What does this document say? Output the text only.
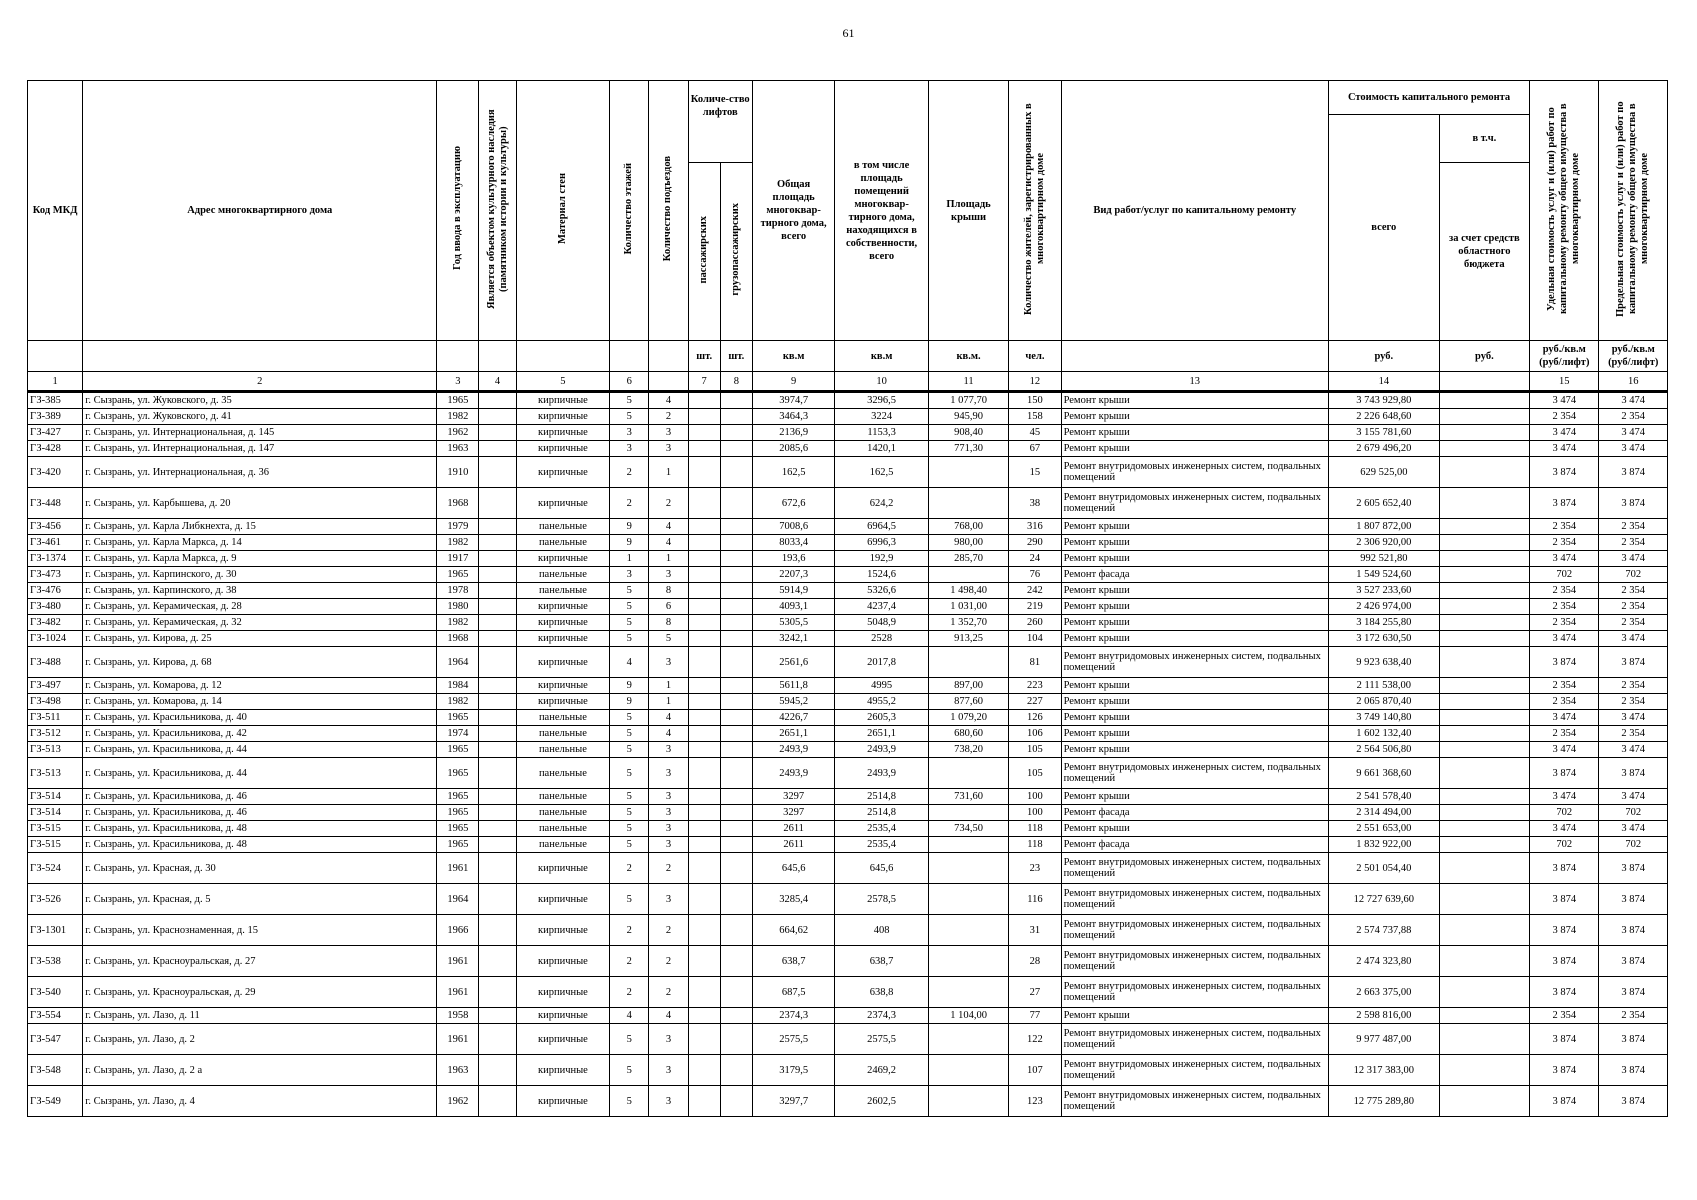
61
Код МКД	Адрес многоквартирного дома	Год ввода в эксплуатацию	Является объектом культурного наследия (памятником истории и культуры)	Материал стен	Количество этажей	Количество подъездов	Количе-ство лифтов		Общая площадь многоквар-тирного дома, всего	в том числе площадь помещений многоквар-тирного дома, находящихся в собственности, всего	Площадь крыши	Количество жителей, зарегистрированных в многоквартирном доме	Вид работ/услуг по капитальному ремонту	Стоимость капитального ремонта		Удельная стоимость услуг и (или) работ по капитальному ремонту общего имущества в многоквартирном доме	Предельная стоимость услуг и (или) работ по капитальному ремонту общего имущества в многоквартирном доме
														всего	в т.ч.		
							пассажирских	грузопассажирских							за счет средств областного бюджета		
							шт.	шт.	кв.м	кв.м	кв.м.	чел.		руб.	руб.	руб./кв.м (руб/лифт)	руб./кв.м (руб/лифт)
1	2	3	4	5	6		7	8	9	10	11	12	13	14		15	16
ГЗ-385	г. Сызрань, ул. Жуковского, д. 35	1965		кирпичные	5	4			3974,7	3296,5	1 077,70	150	Ремонт крыши	3 743 929,80		3 474	3 474
ГЗ-389	г. Сызрань, ул. Жуковского, д. 41	1982		кирпичные	5	2			3464,3	3224	945,90	158	Ремонт крыши	2 226 648,60		2 354	2 354
ГЗ-427	г. Сызрань, ул. Интернациональная, д. 145	1962		кирпичные	3	3			2136,9	1153,3	908,40	45	Ремонт крыши	3 155 781,60		3 474	3 474
ГЗ-428	г. Сызрань, ул. Интернациональная, д. 147	1963		кирпичные	3	3			2085,6	1420,1	771,30	67	Ремонт крыши	2 679 496,20		3 474	3 474
ГЗ-420	г. Сызрань, ул. Интернациональная, д. 36	1910		кирпичные	2	1			162,5	162,5		15	Ремонт внутридомовых инженерных систем, подвальных помещений	629 525,00		3 874	3 874
ГЗ-448	г. Сызрань, ул. Карбышева, д. 20	1968		кирпичные	2	2			672,6	624,2		38	Ремонт внутридомовых инженерных систем, подвальных помещений	2 605 652,40		3 874	3 874
ГЗ-456	г. Сызрань, ул. Карла Либкнехта, д. 15	1979		панельные	9	4			7008,6	6964,5	768,00	316	Ремонт крыши	1 807 872,00		2 354	2 354
ГЗ-461	г. Сызрань, ул. Карла Маркса, д. 14	1982		панельные	9	4			8033,4	6996,3	980,00	290	Ремонт крыши	2 306 920,00		2 354	2 354
ГЗ-1374	г. Сызрань, ул. Карла Маркса, д. 9	1917		кирпичные	1	1			193,6	192,9	285,70	24	Ремонт крыши	992 521,80		3 474	3 474
ГЗ-473	г. Сызрань, ул. Карпинского, д. 30	1965		панельные	3	3			2207,3	1524,6		76	Ремонт фасада	1 549 524,60		702	702
ГЗ-476	г. Сызрань, ул. Карпинского, д. 38	1978		панельные	5	8			5914,9	5326,6	1 498,40	242	Ремонт крыши	3 527 233,60		2 354	2 354
ГЗ-480	г. Сызрань, ул. Керамическая, д. 28	1980		кирпичные	5	6			4093,1	4237,4	1 031,00	219	Ремонт крыши	2 426 974,00		2 354	2 354
ГЗ-482	г. Сызрань, ул. Керамическая, д. 32	1982		кирпичные	5	8			5305,5	5048,9	1 352,70	260	Ремонт крыши	3 184 255,80		2 354	2 354
ГЗ-1024	г. Сызрань, ул. Кирова, д. 25	1968		кирпичные	5	5			3242,1	2528	913,25	104	Ремонт крыши	3 172 630,50		3 474	3 474
ГЗ-488	г. Сызрань, ул. Кирова, д. 68	1964		кирпичные	4	3			2561,6	2017,8		81	Ремонт внутридомовых инженерных систем, подвальных помещений	9 923 638,40		3 874	3 874
ГЗ-497	г. Сызрань, ул. Комарова, д. 12	1984		кирпичные	9	1			5611,8	4995	897,00	223	Ремонт крыши	2 111 538,00		2 354	2 354
ГЗ-498	г. Сызрань, ул. Комарова, д. 14	1982		кирпичные	9	1			5945,2	4955,2	877,60	227	Ремонт крыши	2 065 870,40		2 354	2 354
ГЗ-511	г. Сызрань, ул. Красильникова, д. 40	1965		панельные	5	4			4226,7	2605,3	1 079,20	126	Ремонт крыши	3 749 140,80		3 474	3 474
ГЗ-512	г. Сызрань, ул. Красильникова, д. 42	1974		панельные	5	4			2651,1	2651,1	680,60	106	Ремонт крыши	1 602 132,40		2 354	2 354
ГЗ-513	г. Сызрань, ул. Красильникова, д. 44	1965		панельные	5	3			2493,9	2493,9	738,20	105	Ремонт крыши	2 564 506,80		3 474	3 474
ГЗ-513	г. Сызрань, ул. Красильникова, д. 44	1965		панельные	5	3			2493,9	2493,9		105	Ремонт внутридомовых инженерных систем, подвальных помещений	9 661 368,60		3 874	3 874
ГЗ-514	г. Сызрань, ул. Красильникова, д. 46	1965		панельные	5	3			3297	2514,8	731,60	100	Ремонт крыши	2 541 578,40		3 474	3 474
ГЗ-514	г. Сызрань, ул. Красильникова, д. 46	1965		панельные	5	3			3297	2514,8		100	Ремонт фасада	2 314 494,00		702	702
ГЗ-515	г. Сызрань, ул. Красильникова, д. 48	1965		панельные	5	3			2611	2535,4	734,50	118	Ремонт крыши	2 551 653,00		3 474	3 474
ГЗ-515	г. Сызрань, ул. Красильникова, д. 48	1965		панельные	5	3			2611	2535,4		118	Ремонт фасада	1 832 922,00		702	702
ГЗ-524	г. Сызрань, ул. Красная, д. 30	1961		кирпичные	2	2			645,6	645,6		23	Ремонт внутридомовых инженерных систем, подвальных помещений	2 501 054,40		3 874	3 874
ГЗ-526	г. Сызрань, ул. Красная, д. 5	1964		кирпичные	5	3			3285,4	2578,5		116	Ремонт внутридомовых инженерных систем, подвальных помещений	12 727 639,60		3 874	3 874
ГЗ-1301	г. Сызрань, ул. Краснознаменная, д. 15	1966		кирпичные	2	2			664,62	408		31	Ремонт внутридомовых инженерных систем, подвальных помещений	2 574 737,88		3 874	3 874
ГЗ-538	г. Сызрань, ул. Красноуральская, д. 27	1961		кирпичные	2	2			638,7	638,7		28	Ремонт внутридомовых инженерных систем, подвальных помещений	2 474 323,80		3 874	3 874
ГЗ-540	г. Сызрань, ул. Красноуральская, д. 29	1961		кирпичные	2	2			687,5	638,8		27	Ремонт внутридомовых инженерных систем, подвальных помещений	2 663 375,00		3 874	3 874
ГЗ-554	г. Сызрань, ул. Лазо, д. 11	1958		кирпичные	4	4			2374,3	2374,3	1 104,00	77	Ремонт крыши	2 598 816,00		2 354	2 354
ГЗ-547	г. Сызрань, ул. Лазо, д. 2	1961		кирпичные	5	3			2575,5	2575,5		122	Ремонт внутридомовых инженерных систем, подвальных помещений	9 977 487,00		3 874	3 874
ГЗ-548	г. Сызрань, ул. Лазо, д. 2 а	1963		кирпичные	5	3			3179,5	2469,2		107	Ремонт внутридомовых инженерных систем, подвальных помещений	12 317 383,00		3 874	3 874
ГЗ-549	г. Сызрань, ул. Лазо, д. 4	1962		кирпичные	5	3			3297,7	2602,5		123	Ремонт внутридомовых инженерных систем, подвальных помещений	12 775 289,80		3 874	3 874
